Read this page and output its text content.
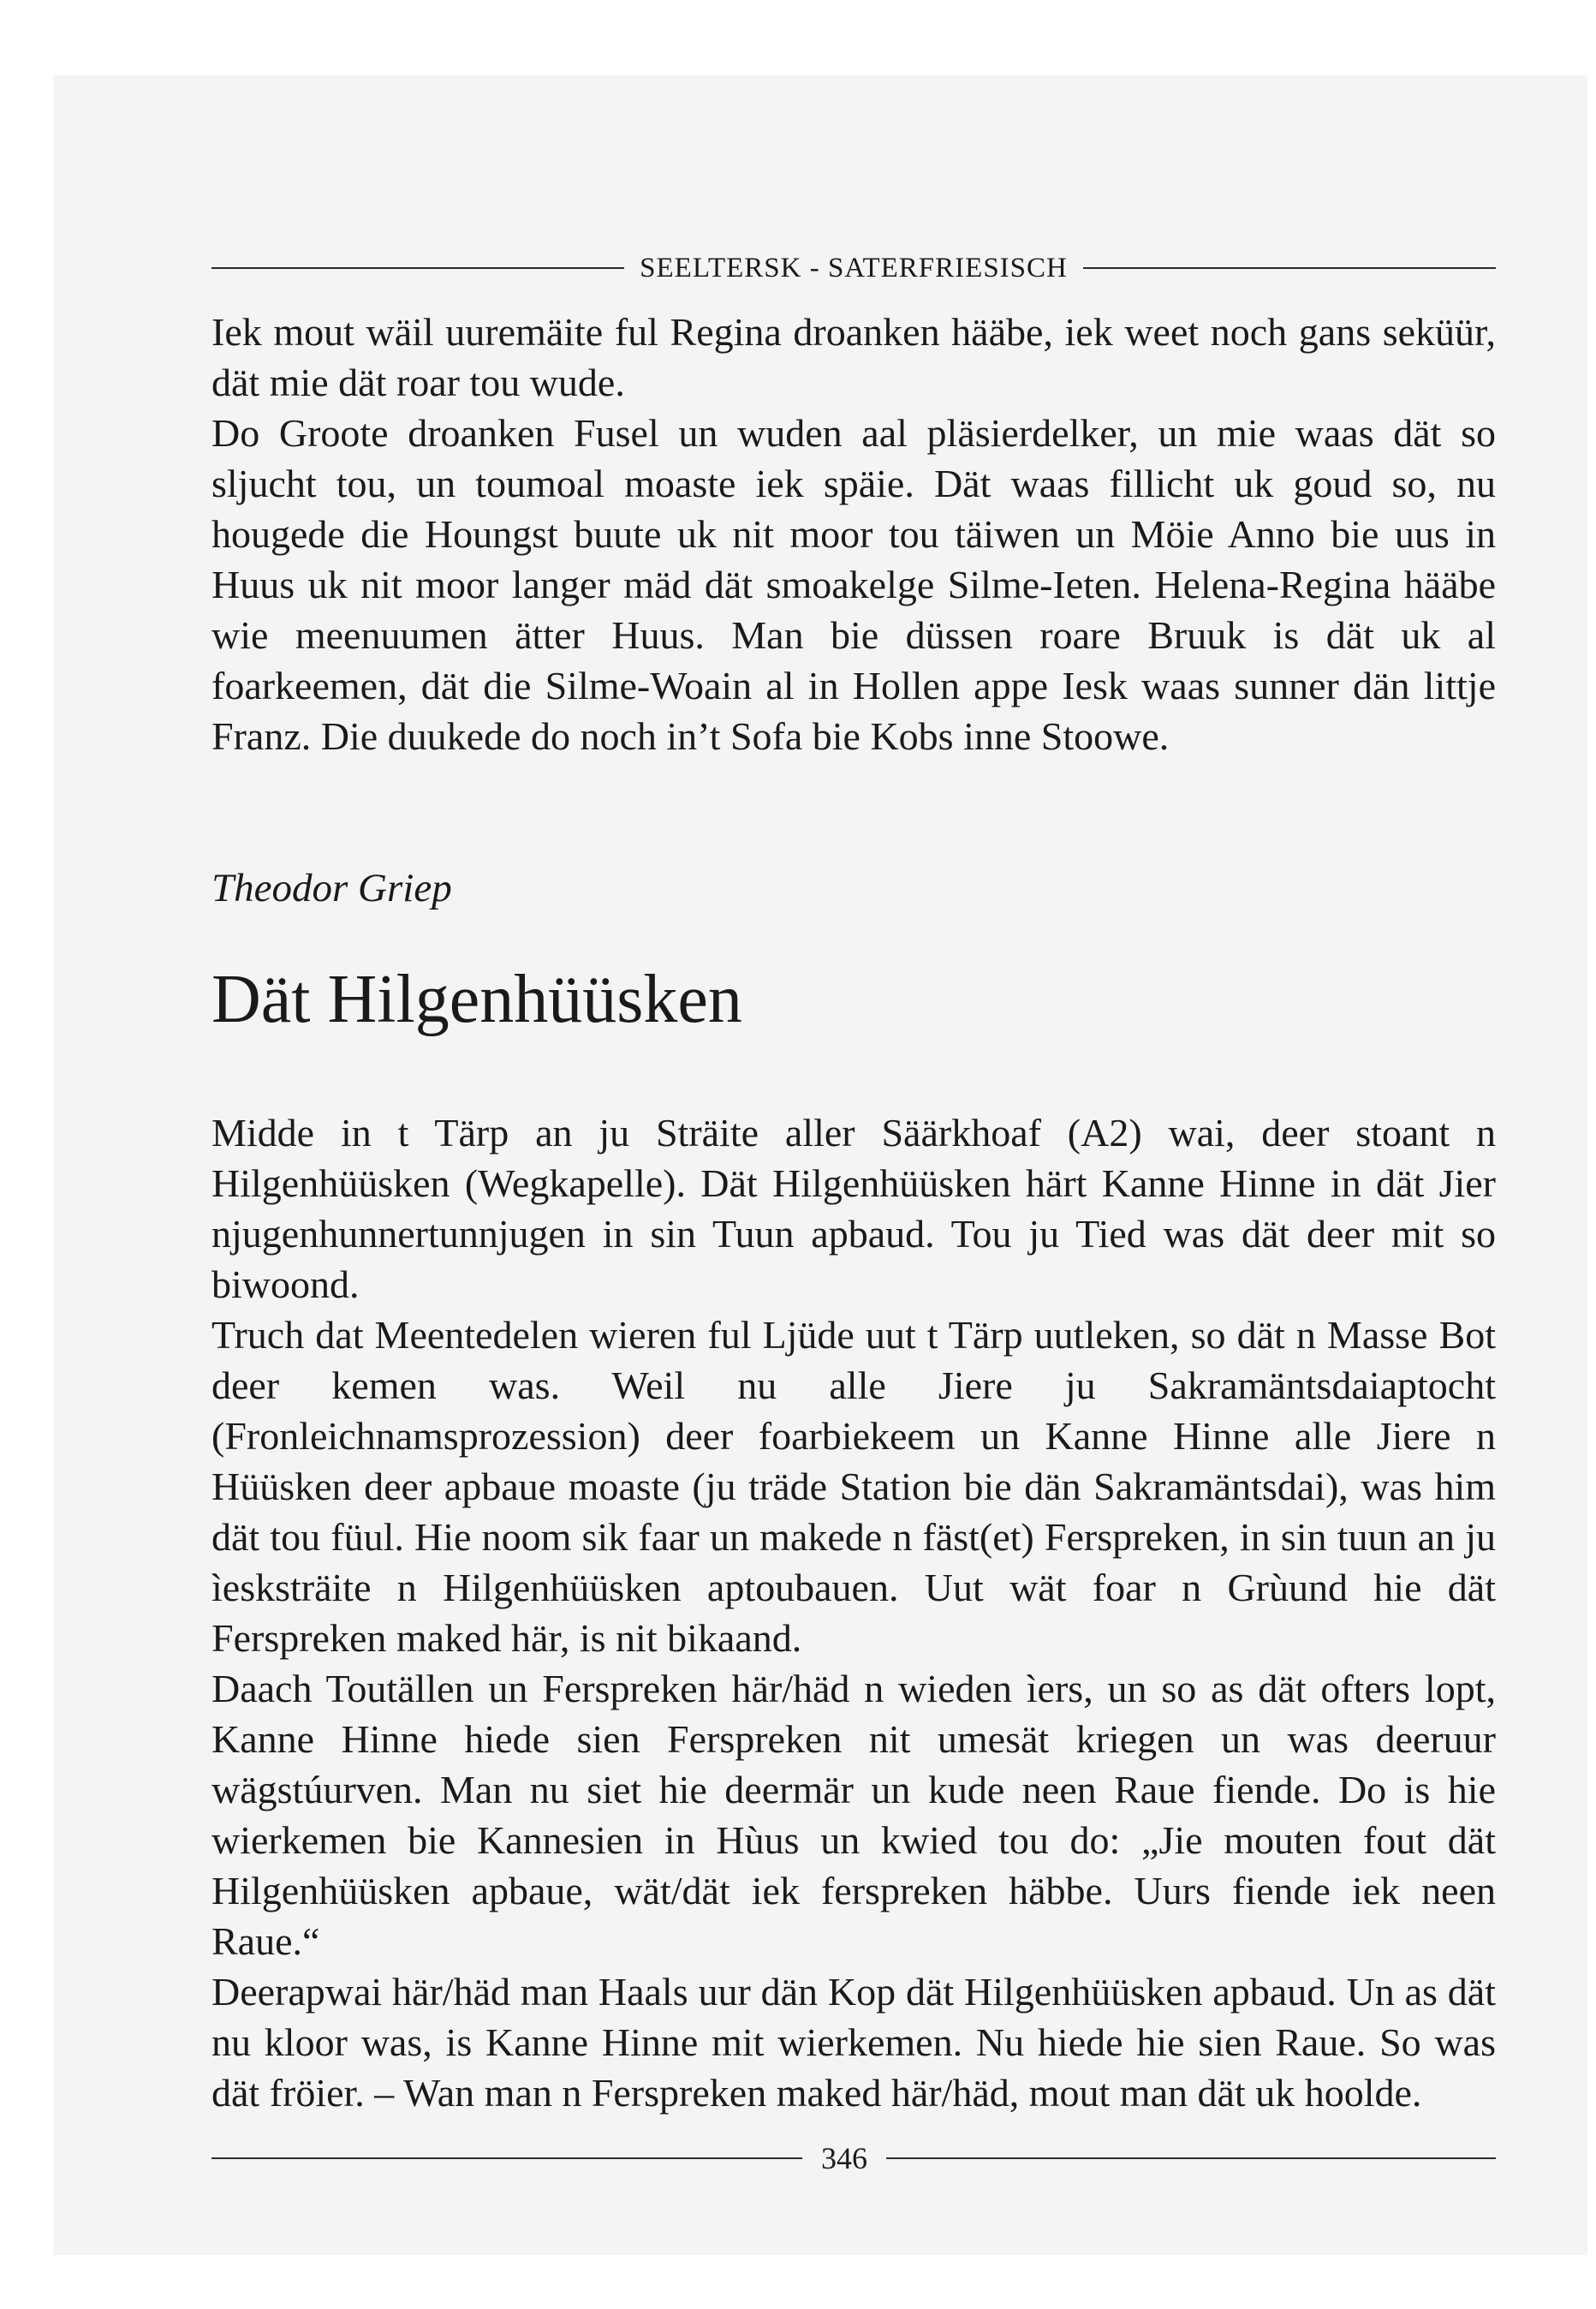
SEELTERSK - SATERFRIESISCH

Iek mout wäil uuremäite ful Regina droanken hääbe, iek weet noch gans seküür, dät mie dät roar tou wude.

Do Groote droanken Fusel un wuden aal pläsierdelker, un mie waas dät so sljucht tou, un toumoal moaste iek späie. Dät waas fillicht uk goud so, nu hougede die Houngst buute uk nit moor tou täiwen un Möie Anno bie uus in Huus uk nit moor langer mäd dät smoakelge Silme-Ieten. Helena-Regina hääbe wie meenuumen ätter Huus. Man bie düssen roare Bruuk is dät uk al foarkeemen, dät die Silme-Woain al in Hollen appe Iesk waas sunner dän littje Franz. Die duukede do noch in’t Sofa bie Kobs inne Stoowe.

Theodor Griep
Dät Hilgenhüüsken

Midde in t Tärp an ju Sträite aller Säärkhoaf (A2) wai, deer stoant n Hilgenhüüsken (Wegkapelle). Dät Hilgenhüüsken härt Kanne Hinne in dät Jier njugenhunnertunnjugen in sin Tuun apbaud. Tou ju Tied was dät deer mit so biwoond.

Truch dat Meentedelen wieren ful Ljüde uut t Tärp uutleken, so dät n Masse Bot deer kemen was. Weil nu alle Jiere ju Sakramäntsdaiaptocht (Fronleichnamsprozession) deer foarbiekeem un Kanne Hinne alle Jiere n Hüüsken deer apbaue moaste (ju träde Station bie dän Sakramäntsdai), was him dät tou füul. Hie noom sik faar un makede n fäst(et) Ferspreken, in sin tuun an ju ìesksträite n Hilgenhüüsken aptoubauen. Uut wät foar n Grùund hie dät Ferspreken maked här, is nit bikaand.

Daach Toutällen un Ferspreken här/häd n wieden ìers, un so as dät ofters lopt, Kanne Hinne hiede sien Ferspreken nit umesät kriegen un was deeruur wägstúurven. Man nu siet hie deermär un kude neen Raue fiende. Do is hie wierkemen bie Kannesien in Hùus un kwied tou do: „Jie mouten fout dät Hilgenhüüsken apbaue, wät/dät iek ferspreken häbbe. Uurs fiende iek neen Raue.“

Deerapwai här/häd man Haals uur dän Kop dät Hilgenhüüsken apbaud. Un as dät nu kloor was, is Kanne Hinne mit wierkemen. Nu hiede hie sien Raue. So was dät fröier. – Wan man n Ferspreken maked här/häd, mout man dät uk hoolde.

346
